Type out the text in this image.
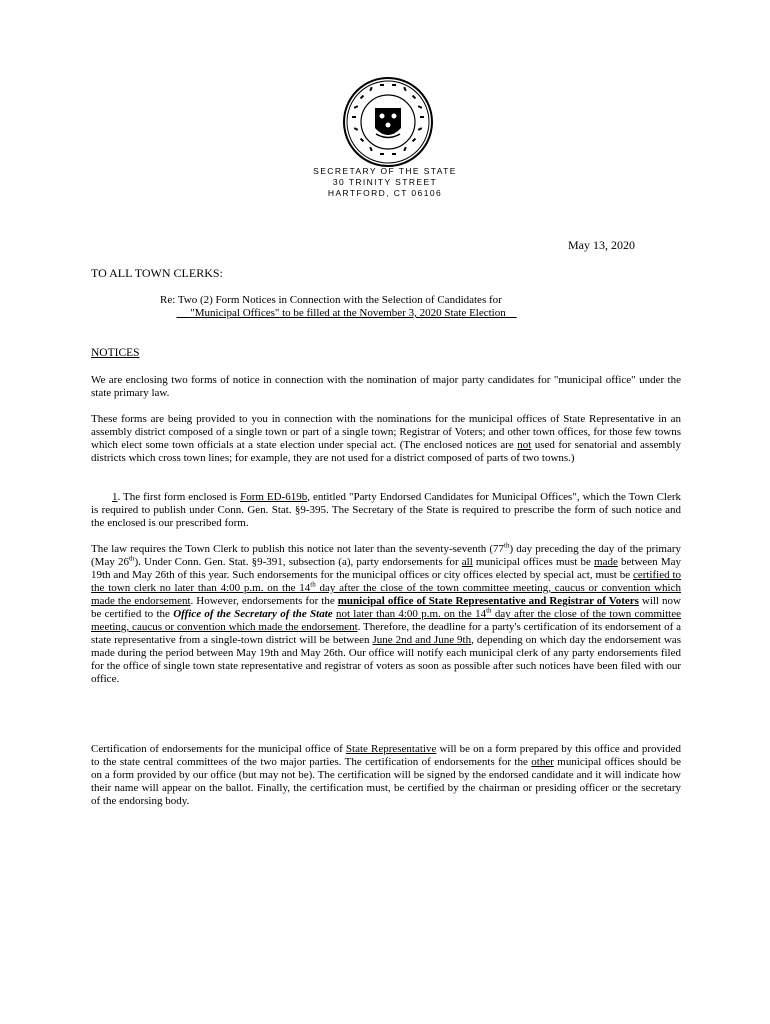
SECRETARY OF THE STATE
30 TRINITY STREET
HARTFORD, CT 06106
May 13, 2020
TO ALL TOWN CLERKS:
Re: Two (2) Form Notices in Connection with the Selection of Candidates for
"Municipal Offices" to be filled at the November 3, 2020 State Election
NOTICES
We are enclosing two forms of notice in connection with the nomination of major party candidates for "municipal office" under the state primary law.
These forms are being provided to you in connection with the nominations for the municipal offices of State Representative in an assembly district composed of a single town or part of a single town; Registrar of Voters; and other town offices, for those few towns which elect some town officials at a state election under special act. (The enclosed notices are not used for senatorial and assembly districts which cross town lines; for example, they are not used for a district composed of parts of two towns.)
1. The first form enclosed is Form ED-619b, entitled "Party Endorsed Candidates for Municipal Offices", which the Town Clerk is required to publish under Conn. Gen. Stat. §9-395. The Secretary of the State is required to prescribe the form of such notice and the enclosed is our prescribed form.
The law requires the Town Clerk to publish this notice not later than the seventy-seventh (77th) day preceding the day of the primary (May 26th). Under Conn. Gen. Stat. §9-391, subsection (a), party endorsements for all municipal offices must be made between May 19th and May 26th of this year. Such endorsements for the municipal offices or city offices elected by special act, must be certified to the town clerk no later than 4:00 p.m. on the 14th day after the close of the town committee meeting, caucus or convention which made the endorsement. However, endorsements for the municipal office of State Representative and Registrar of Voters will now be certified to the Office of the Secretary of the State not later than 4:00 p.m. on the 14th day after the close of the town committee meeting, caucus or convention which made the endorsement. Therefore, the deadline for a party's certification of its endorsement of a state representative from a single-town district will be between June 2nd and June 9th, depending on which day the endorsement was made during the period between May 19th and May 26th. Our office will notify each municipal clerk of any party endorsements filed for the office of single town state representative and registrar of voters as soon as possible after such notices have been filed with our office.
Certification of endorsements for the municipal office of State Representative will be on a form prepared by this office and provided to the state central committees of the two major parties. The certification of endorsements for the other municipal offices should be on a form provided by our office (but may not be). The certification will be signed by the endorsed candidate and it will indicate how their name will appear on the ballot. Finally, the certification must, be certified by the chairman or presiding officer or the secretary of the endorsing body.
